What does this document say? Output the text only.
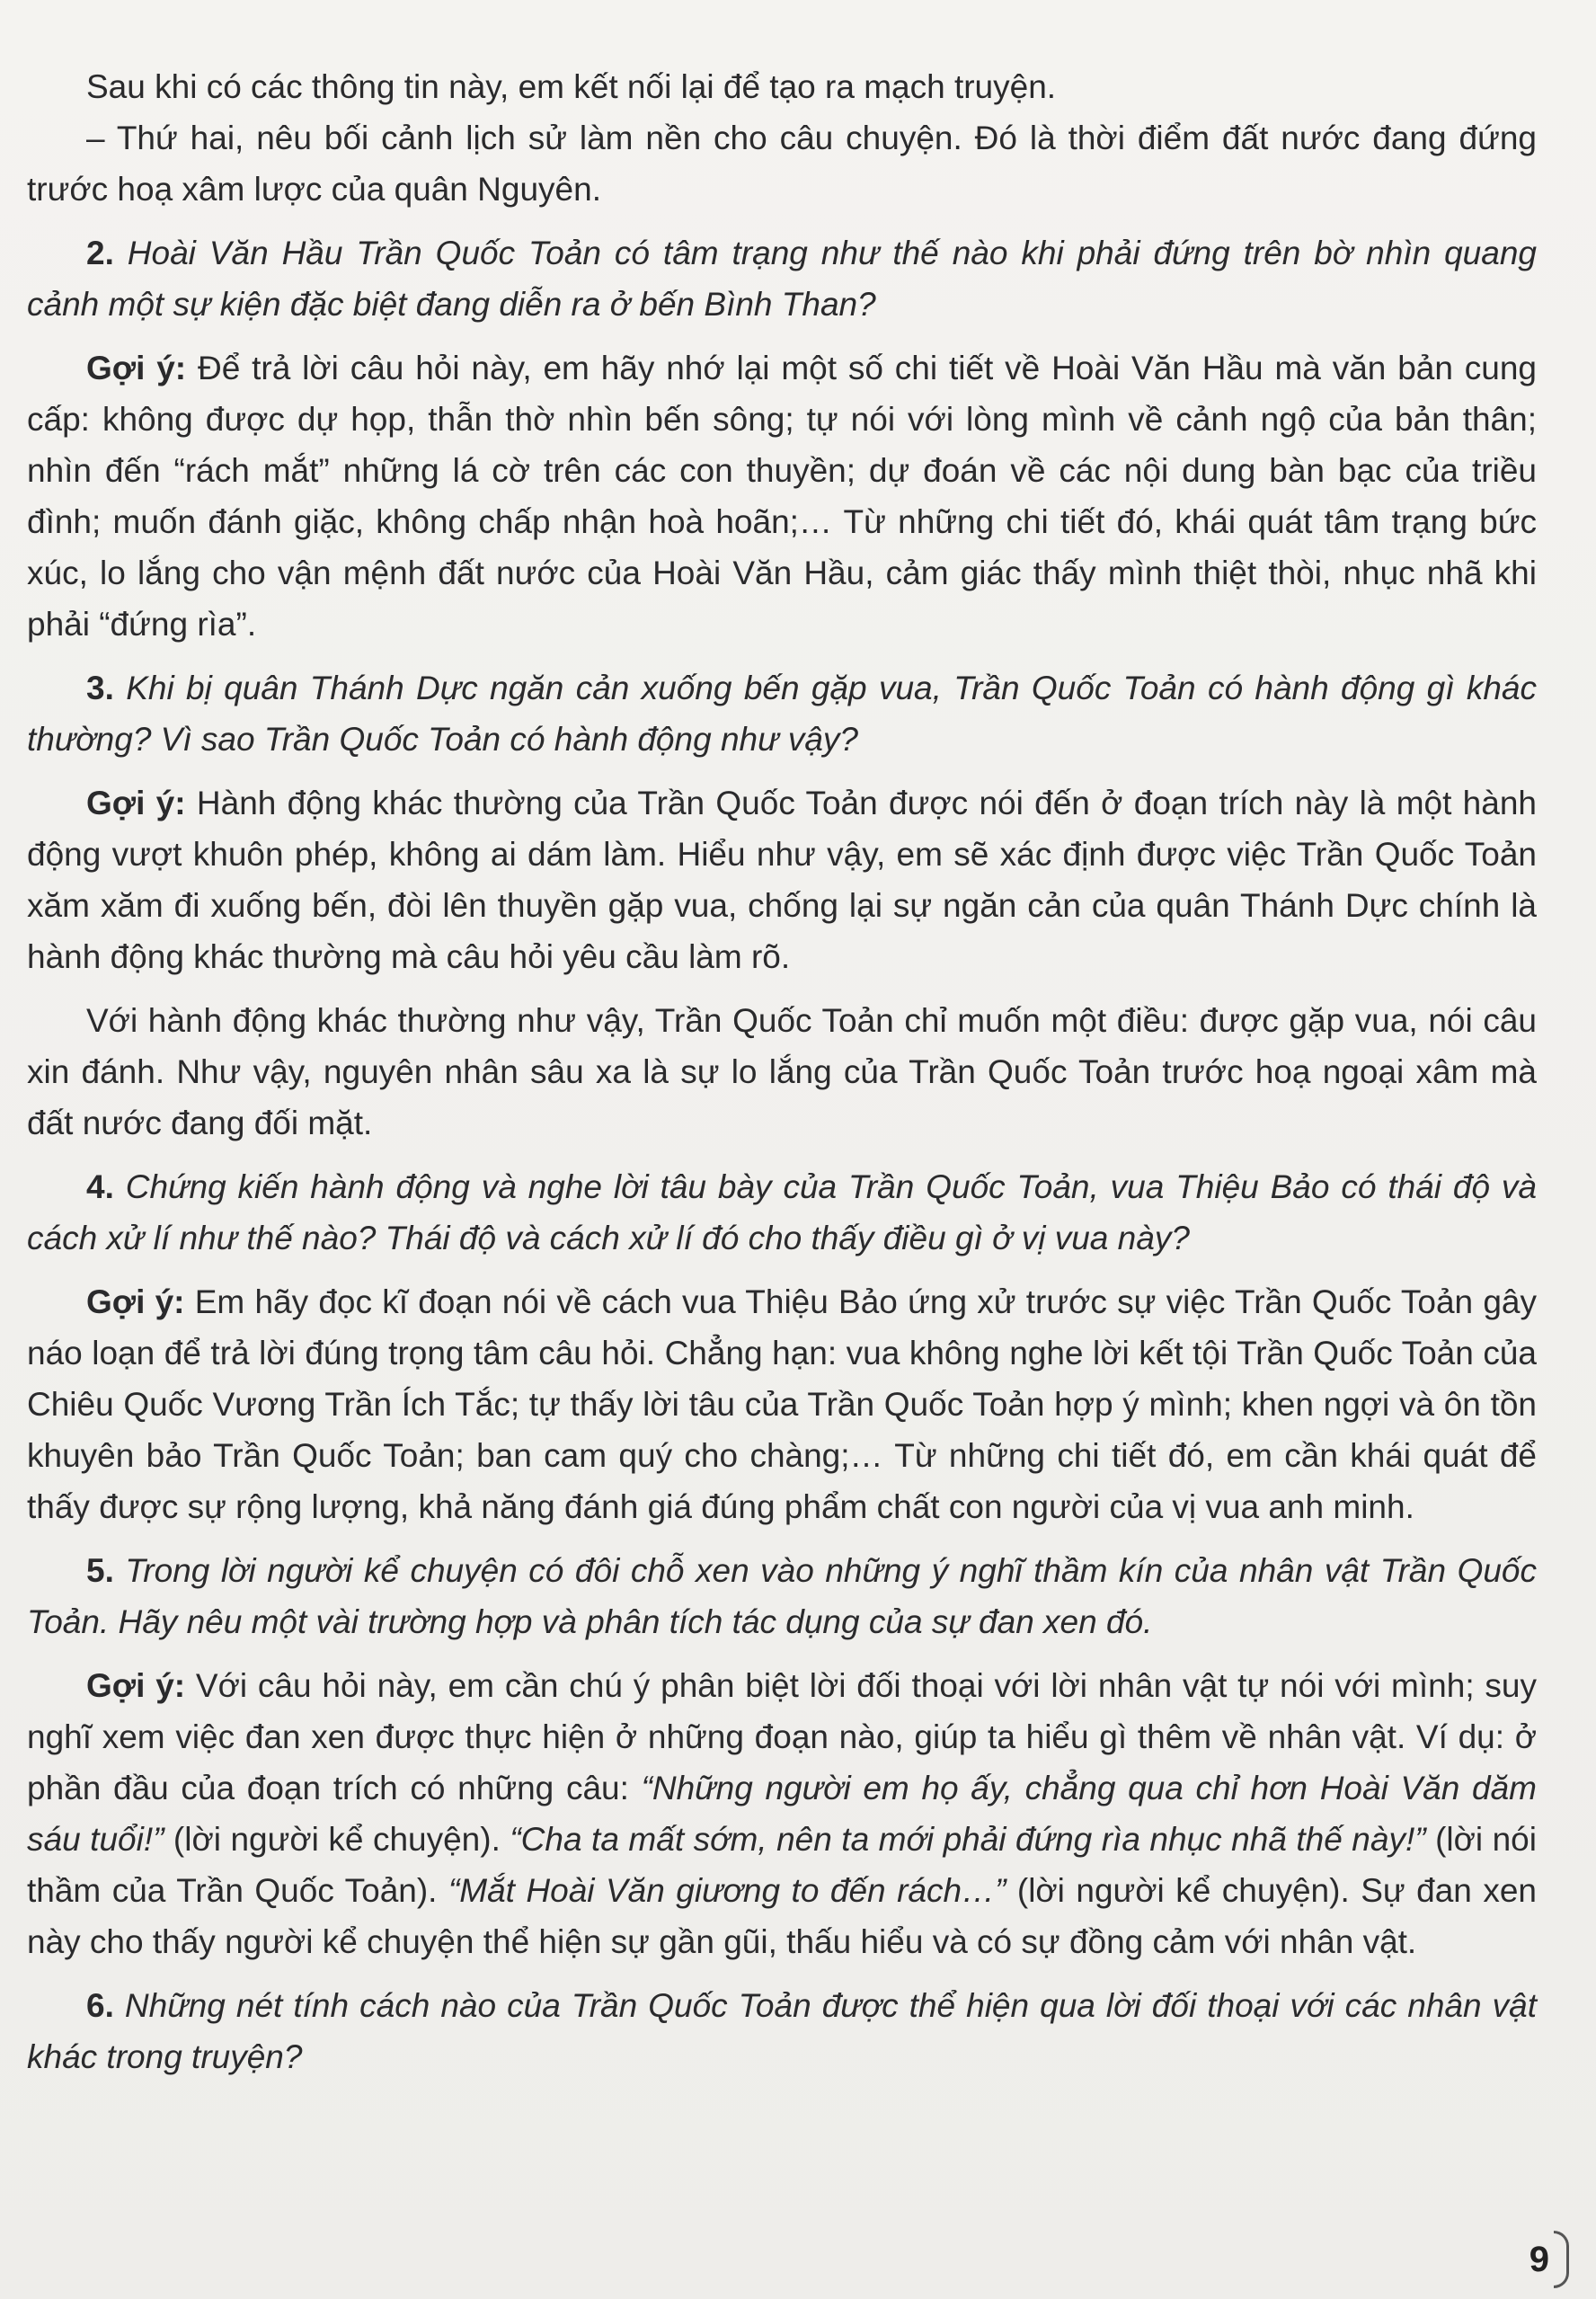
Sau khi có các thông tin này, em kết nối lại để tạo ra mạch truyện.

– Thứ hai, nêu bối cảnh lịch sử làm nền cho câu chuyện. Đó là thời điểm đất nước đang đứng trước hoạ xâm lược của quân Nguyên.

2. Hoài Văn Hầu Trần Quốc Toản có tâm trạng như thế nào khi phải đứng trên bờ nhìn quang cảnh một sự kiện đặc biệt đang diễn ra ở bến Bình Than?

Gợi ý: Để trả lời câu hỏi này, em hãy nhớ lại một số chi tiết về Hoài Văn Hầu mà văn bản cung cấp: không được dự họp, thẫn thờ nhìn bến sông; tự nói với lòng mình về cảnh ngộ của bản thân; nhìn đến “rách mắt” những lá cờ trên các con thuyền; dự đoán về các nội dung bàn bạc của triều đình; muốn đánh giặc, không chấp nhận hoà hoãn;… Từ những chi tiết đó, khái quát tâm trạng bức xúc, lo lắng cho vận mệnh đất nước của Hoài Văn Hầu, cảm giác thấy mình thiệt thòi, nhục nhã khi phải “đứng rìa”.

3. Khi bị quân Thánh Dực ngăn cản xuống bến gặp vua, Trần Quốc Toản có hành động gì khác thường? Vì sao Trần Quốc Toản có hành động như vậy?

Gợi ý: Hành động khác thường của Trần Quốc Toản được nói đến ở đoạn trích này là một hành động vượt khuôn phép, không ai dám làm. Hiểu như vậy, em sẽ xác định được việc Trần Quốc Toản xăm xăm đi xuống bến, đòi lên thuyền gặp vua, chống lại sự ngăn cản của quân Thánh Dực chính là hành động khác thường mà câu hỏi yêu cầu làm rõ.

Với hành động khác thường như vậy, Trần Quốc Toản chỉ muốn một điều: được gặp vua, nói câu xin đánh. Như vậy, nguyên nhân sâu xa là sự lo lắng của Trần Quốc Toản trước hoạ ngoại xâm mà đất nước đang đối mặt.

4. Chứng kiến hành động và nghe lời tâu bày của Trần Quốc Toản, vua Thiệu Bảo có thái độ và cách xử lí như thế nào? Thái độ và cách xử lí đó cho thấy điều gì ở vị vua này?

Gợi ý: Em hãy đọc kĩ đoạn nói về cách vua Thiệu Bảo ứng xử trước sự việc Trần Quốc Toản gây náo loạn để trả lời đúng trọng tâm câu hỏi. Chẳng hạn: vua không nghe lời kết tội Trần Quốc Toản của Chiêu Quốc Vương Trần Ích Tắc; tự thấy lời tâu của Trần Quốc Toản hợp ý mình; khen ngợi và ôn tồn khuyên bảo Trần Quốc Toản; ban cam quý cho chàng;… Từ những chi tiết đó, em cần khái quát để thấy được sự rộng lượng, khả năng đánh giá đúng phẩm chất con người của vị vua anh minh.

5. Trong lời người kể chuyện có đôi chỗ xen vào những ý nghĩ thầm kín của nhân vật Trần Quốc Toản. Hãy nêu một vài trường hợp và phân tích tác dụng của sự đan xen đó.

Gợi ý: Với câu hỏi này, em cần chú ý phân biệt lời đối thoại với lời nhân vật tự nói với mình; suy nghĩ xem việc đan xen được thực hiện ở những đoạn nào, giúp ta hiểu gì thêm về nhân vật. Ví dụ: ở phần đầu của đoạn trích có những câu: “Những người em họ ấy, chẳng qua chỉ hơn Hoài Văn dăm sáu tuổi!” (lời người kể chuyện). “Cha ta mất sớm, nên ta mới phải đứng rìa nhục nhã thế này!” (lời nói thầm của Trần Quốc Toản). “Mắt Hoài Văn giương to đến rách…” (lời người kể chuyện). Sự đan xen này cho thấy người kể chuyện thể hiện sự gần gũi, thấu hiểu và có sự đồng cảm với nhân vật.

6. Những nét tính cách nào của Trần Quốc Toản được thể hiện qua lời đối thoại với các nhân vật khác trong truyện?

9
